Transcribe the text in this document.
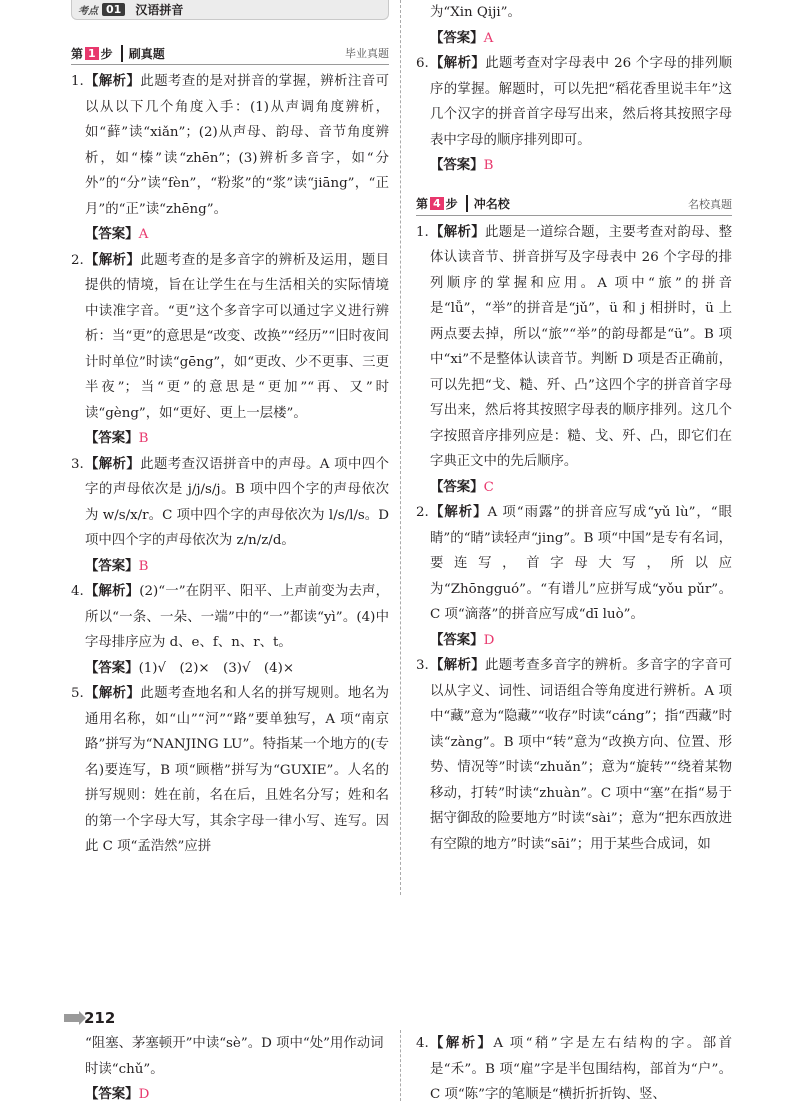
考点 01	汉语拼音
第 1 步	刷真题	毕业真题
1. 【解析】此题考查的是对拼音的掌握，辨析注音可以从以下几个角度入手：(1)从声调角度辨析，如“藓”读“xiǎn”；(2)从声母、韵母、音节角度辨析，如“榛”读“zhēn”；(3)辨析多音字，如“分外”的“分”读“fèn”，“粉浆”的“浆”读“jiāng”，“正月”的“正”读“zhēng”。
【答案】A
2. 【解析】此题考查的是多音字的辨析及运用，题目提供的情境，旨在让学生在与生活相关的实际情境中读准字音。“更”这个多音字可以通过字义进行辨析：当“更”的意思是“改变、改换”“经历”“旧时夜间计时单位”时读“gēng”，如“更改、少不更事、三更半夜”；当“更”的意思是“更加”“再、又”时读“gèng”，如“更好、更上一层楼”。
【答案】B
3. 【解析】此题考查汉语拼音中的声母。A 项中四个字的声母依次是 j/j/s/j。B 项中四个字的声母依次为 w/s/x/r。C 项中四个字的声母依次为 l/s/l/s。D 项中四个字的声母依次为 z/n/z/d。
【答案】B
4. 【解析】(2)“一”在阴平、阳平、上声前变为去声，所以“一条、一朵、一端”中的“一”都读“yì”。(4)中字母排序应为 d、e、f、n、r、t。
【答案】(1)√　(2)×　(3)√　(4)×
5. 【解析】此题考查地名和人名的拼写规则。地名为通用名称，如“山”“河”“路”要单独写，A 项“南京路”拼写为“NANJING LU”。特指某一个地方的(专名)要连写，B 项“顾楷”拼写为“GUXIE”。人名的拼写规则：姓在前，名在后，且姓名分写；姓和名的第一个字母大写，其余字母一律小写、连写。因此 C 项“孟浩然”应拼
为“Xin Qiji”。
【答案】A
6. 【解析】此题考查对字母表中 26 个字母的排列顺序的掌握。解题时，可以先把“稻花香里说丰年”这几个汉字的拼音首字母写出来，然后将其按照字母表中字母的顺序排列即可。
【答案】B
第 4 步	冲名校	名校真题
1. 【解析】此题是一道综合题，主要考查对韵母、整体认读音节、拼音拼写及字母表中 26 个字母的排列顺序的掌握和应用。A 项中“旅”的拼音是“lǚ”，“举”的拼音是“jǔ”，ü 和 j 相拼时，ü 上两点要去掉，所以“旅”“举”的韵母都是“ü”。B 项中“xi”不是整体认读音节。判断 D 项是否正确前，可以先把“戈、糙、歼、凸”这四个字的拼音首字母写出来，然后将其按照字母表的顺序排列。这几个字按照音序排列应是：糙、戈、歼、凸，即它们在字典正文中的先后顺序。
【答案】C
2. 【解析】A 项“雨露”的拼音应写成“yǔ lù”，“眼睛”的“睛”读轻声“jing”。B 项“中国”是专有名词，要连写，首字母大写，所以应为“Zhōngguó”。“有谱儿”应拼写成“yǒu pǔr”。C 项“滴落”的拼音应写成“dī luò”。
【答案】D
3. 【解析】此题考查多音字的辨析。多音字的字音可以从字义、词性、词语组合等角度进行辨析。A 项中“藏”意为“隐藏”“收存”时读“cáng”；指“西藏”时读“zàng”。B 项中“转”意为“改换方向、位置、形势、情况等”时读“zhuǎn”；意为“旋转”“绕着某物移动，打转”时读“zhuàn”。C 项中“塞”在指“易于据守御敌的险要地方”时读“sài”；意为“把东西放进有空隙的地方”时读“sāi”；用于某些合成词，如
212
“阻塞、茅塞顿开”中读“sè”。D 项中“处”用作动词时读“chǔ”。
【答案】D
4. 【解析】A 项“稍”字是左右结构的字。部首是“禾”。B 项“雇”字是半包围结构，部首为“户”。C 项“陈”字的笔顺是“横折折折钩、竖、
